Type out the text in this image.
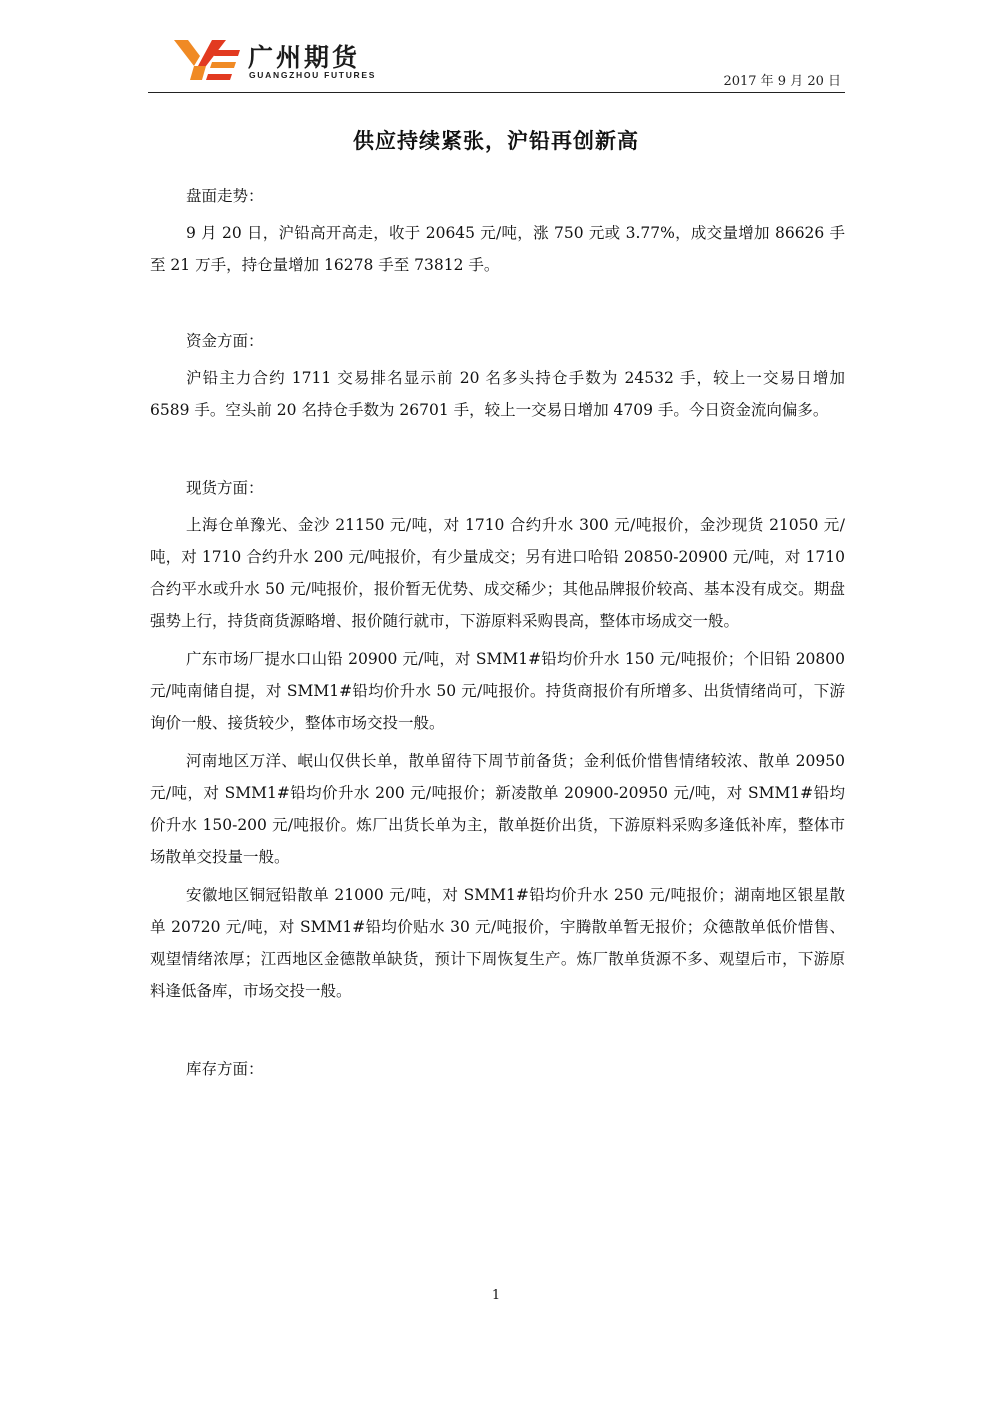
广州期货
GUANGZHOU FUTURES	2017 年 9 月 20 日
供应持续紧张，沪铅再创新高
盘面走势：

9 月 20 日，沪铅高开高走，收于 20645 元/吨，涨 750 元或 3.77%，成交量增加 86626 手至 21 万手，持仓量增加 16278 手至 73812 手。

资金方面：

沪铅主力合约 1711 交易排名显示前 20 名多头持仓手数为 24532 手，较上一交易日增加 6589 手。空头前 20 名持仓手数为 26701 手，较上一交易日增加 4709 手。今日资金流向偏多。

现货方面：

上海仓单豫光、金沙 21150 元/吨，对 1710 合约升水 300 元/吨报价，金沙现货 21050 元/吨，对 1710 合约升水 200 元/吨报价，有少量成交；另有进口哈铅 20850-20900 元/吨，对 1710 合约平水或升水 50 元/吨报价，报价暂无优势、成交稀少；其他品牌报价较高、基本没有成交。期盘强势上行，持货商货源略增、报价随行就市，下游原料采购畏高，整体市场成交一般。

广东市场厂提水口山铅 20900 元/吨，对 SMM1#铅均价升水 150 元/吨报价；个旧铅 20800 元/吨南储自提，对 SMM1#铅均价升水 50 元/吨报价。持货商报价有所增多、出货情绪尚可，下游询价一般、接货较少，整体市场交投一般。

河南地区万洋、岷山仅供长单，散单留待下周节前备货；金利低价惜售情绪较浓、散单 20950 元/吨，对 SMM1#铅均价升水 200 元/吨报价；新凌散单 20900-20950 元/吨，对 SMM1#铅均价升水 150-200 元/吨报价。炼厂出货长单为主，散单挺价出货，下游原料采购多逢低补库，整体市场散单交投量一般。

安徽地区铜冠铅散单 21000 元/吨，对 SMM1#铅均价升水 250 元/吨报价；湖南地区银星散单 20720 元/吨，对 SMM1#铅均价贴水 30 元/吨报价，宇腾散单暂无报价；众德散单低价惜售、观望情绪浓厚；江西地区金德散单缺货，预计下周恢复生产。炼厂散单货源不多、观望后市，下游原料逢低备库，市场交投一般。

库存方面：
1
